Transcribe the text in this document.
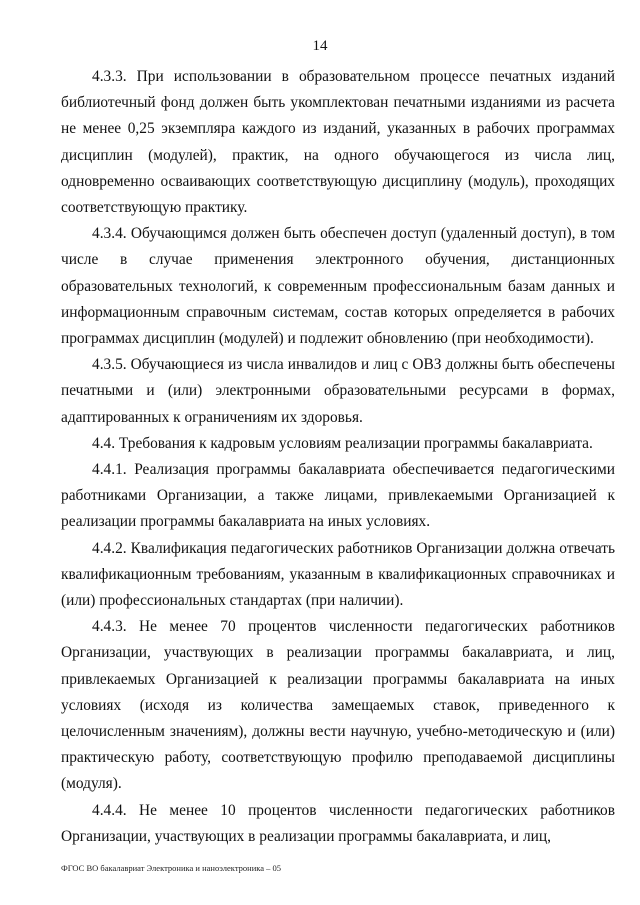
14

4.3.3. При использовании в образовательном процессе печатных изданий библиотечный фонд должен быть укомплектован печатными изданиями из расчета не менее 0,25 экземпляра каждого из изданий, указанных в рабочих программах дисциплин (модулей), практик, на одного обучающегося из числа лиц, одновременно осваивающих соответствующую дисциплину (модуль), проходящих соответствующую практику.

4.3.4. Обучающимся должен быть обеспечен доступ (удаленный доступ), в том числе в случае применения электронного обучения, дистанционных образовательных технологий, к современным профессиональным базам данных и информационным справочным системам, состав которых определяется в рабочих программах дисциплин (модулей) и подлежит обновлению (при необходимости).

4.3.5. Обучающиеся из числа инвалидов и лиц с ОВЗ должны быть обеспечены печатными и (или) электронными образовательными ресурсами в формах, адаптированных к ограничениям их здоровья.

4.4. Требования к кадровым условиям реализации программы бакалавриата.

4.4.1. Реализация программы бакалавриата обеспечивается педагогическими работниками Организации, а также лицами, привлекаемыми Организацией к реализации программы бакалавриата на иных условиях.

4.4.2. Квалификация педагогических работников Организации должна отвечать квалификационным требованиям, указанным в квалификационных справочниках и (или) профессиональных стандартах (при наличии).

4.4.3. Не менее 70 процентов численности педагогических работников Организации, участвующих в реализации программы бакалавриата, и лиц, привлекаемых Организацией к реализации программы бакалавриата на иных условиях (исходя из количества замещаемых ставок, приведенного к целочисленным значениям), должны вести научную, учебно-методическую и (или) практическую работу, соответствующую профилю преподаваемой дисциплины (модуля).

4.4.4. Не менее 10 процентов численности педагогических работников Организации, участвующих в реализации программы бакалавриата, и лиц,

ФГОС ВО бакалавриат Электроника и наноэлектроника – 05
